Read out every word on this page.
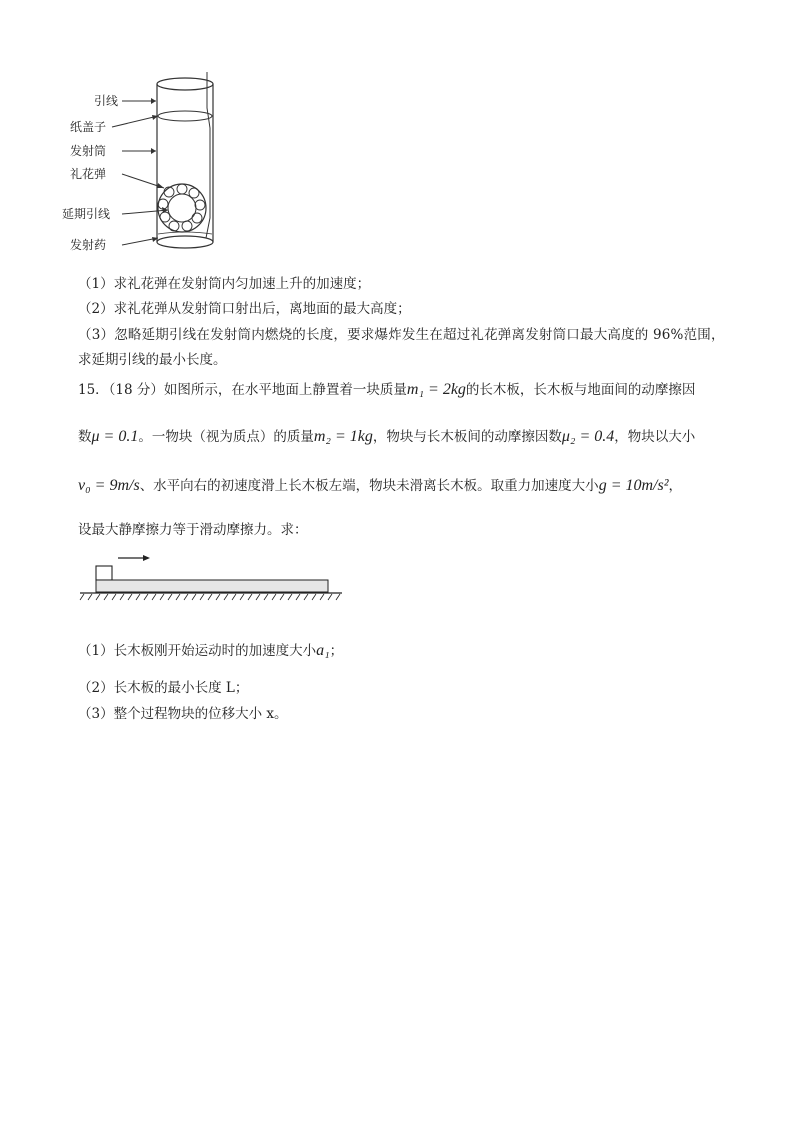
引线
纸盖子
发射筒
礼花弹
延期引线
发射药
（1）求礼花弹在发射筒内匀加速上升的加速度；
（2）求礼花弹从发射筒口射出后，离地面的最大高度；
（3）忽略延期引线在发射筒内燃烧的长度，要求爆炸发生在超过礼花弹离发射筒口最大高度的 96%范围，
求延期引线的最小长度。
15．（18 分）如图所示，在水平地面上静置着一块质量m₁ = 2kg的长木板，长木板与地面间的动摩擦因
数μ = 0.1。一物块（视为质点）的质量m₂ = 1kg，物块与长木板间的动摩擦因数μ₂ = 0.4，物块以大小
v₀ = 9m/s、水平向右的初速度滑上长木板左端，物块未滑离长木板。取重力加速度大小g = 10m/s²，
设最大静摩擦力等于滑动摩擦力。求：
（1）长木板刚开始运动时的加速度大小a₁；
（2）长木板的最小长度 L；
（3）整个过程物块的位移大小 x。
